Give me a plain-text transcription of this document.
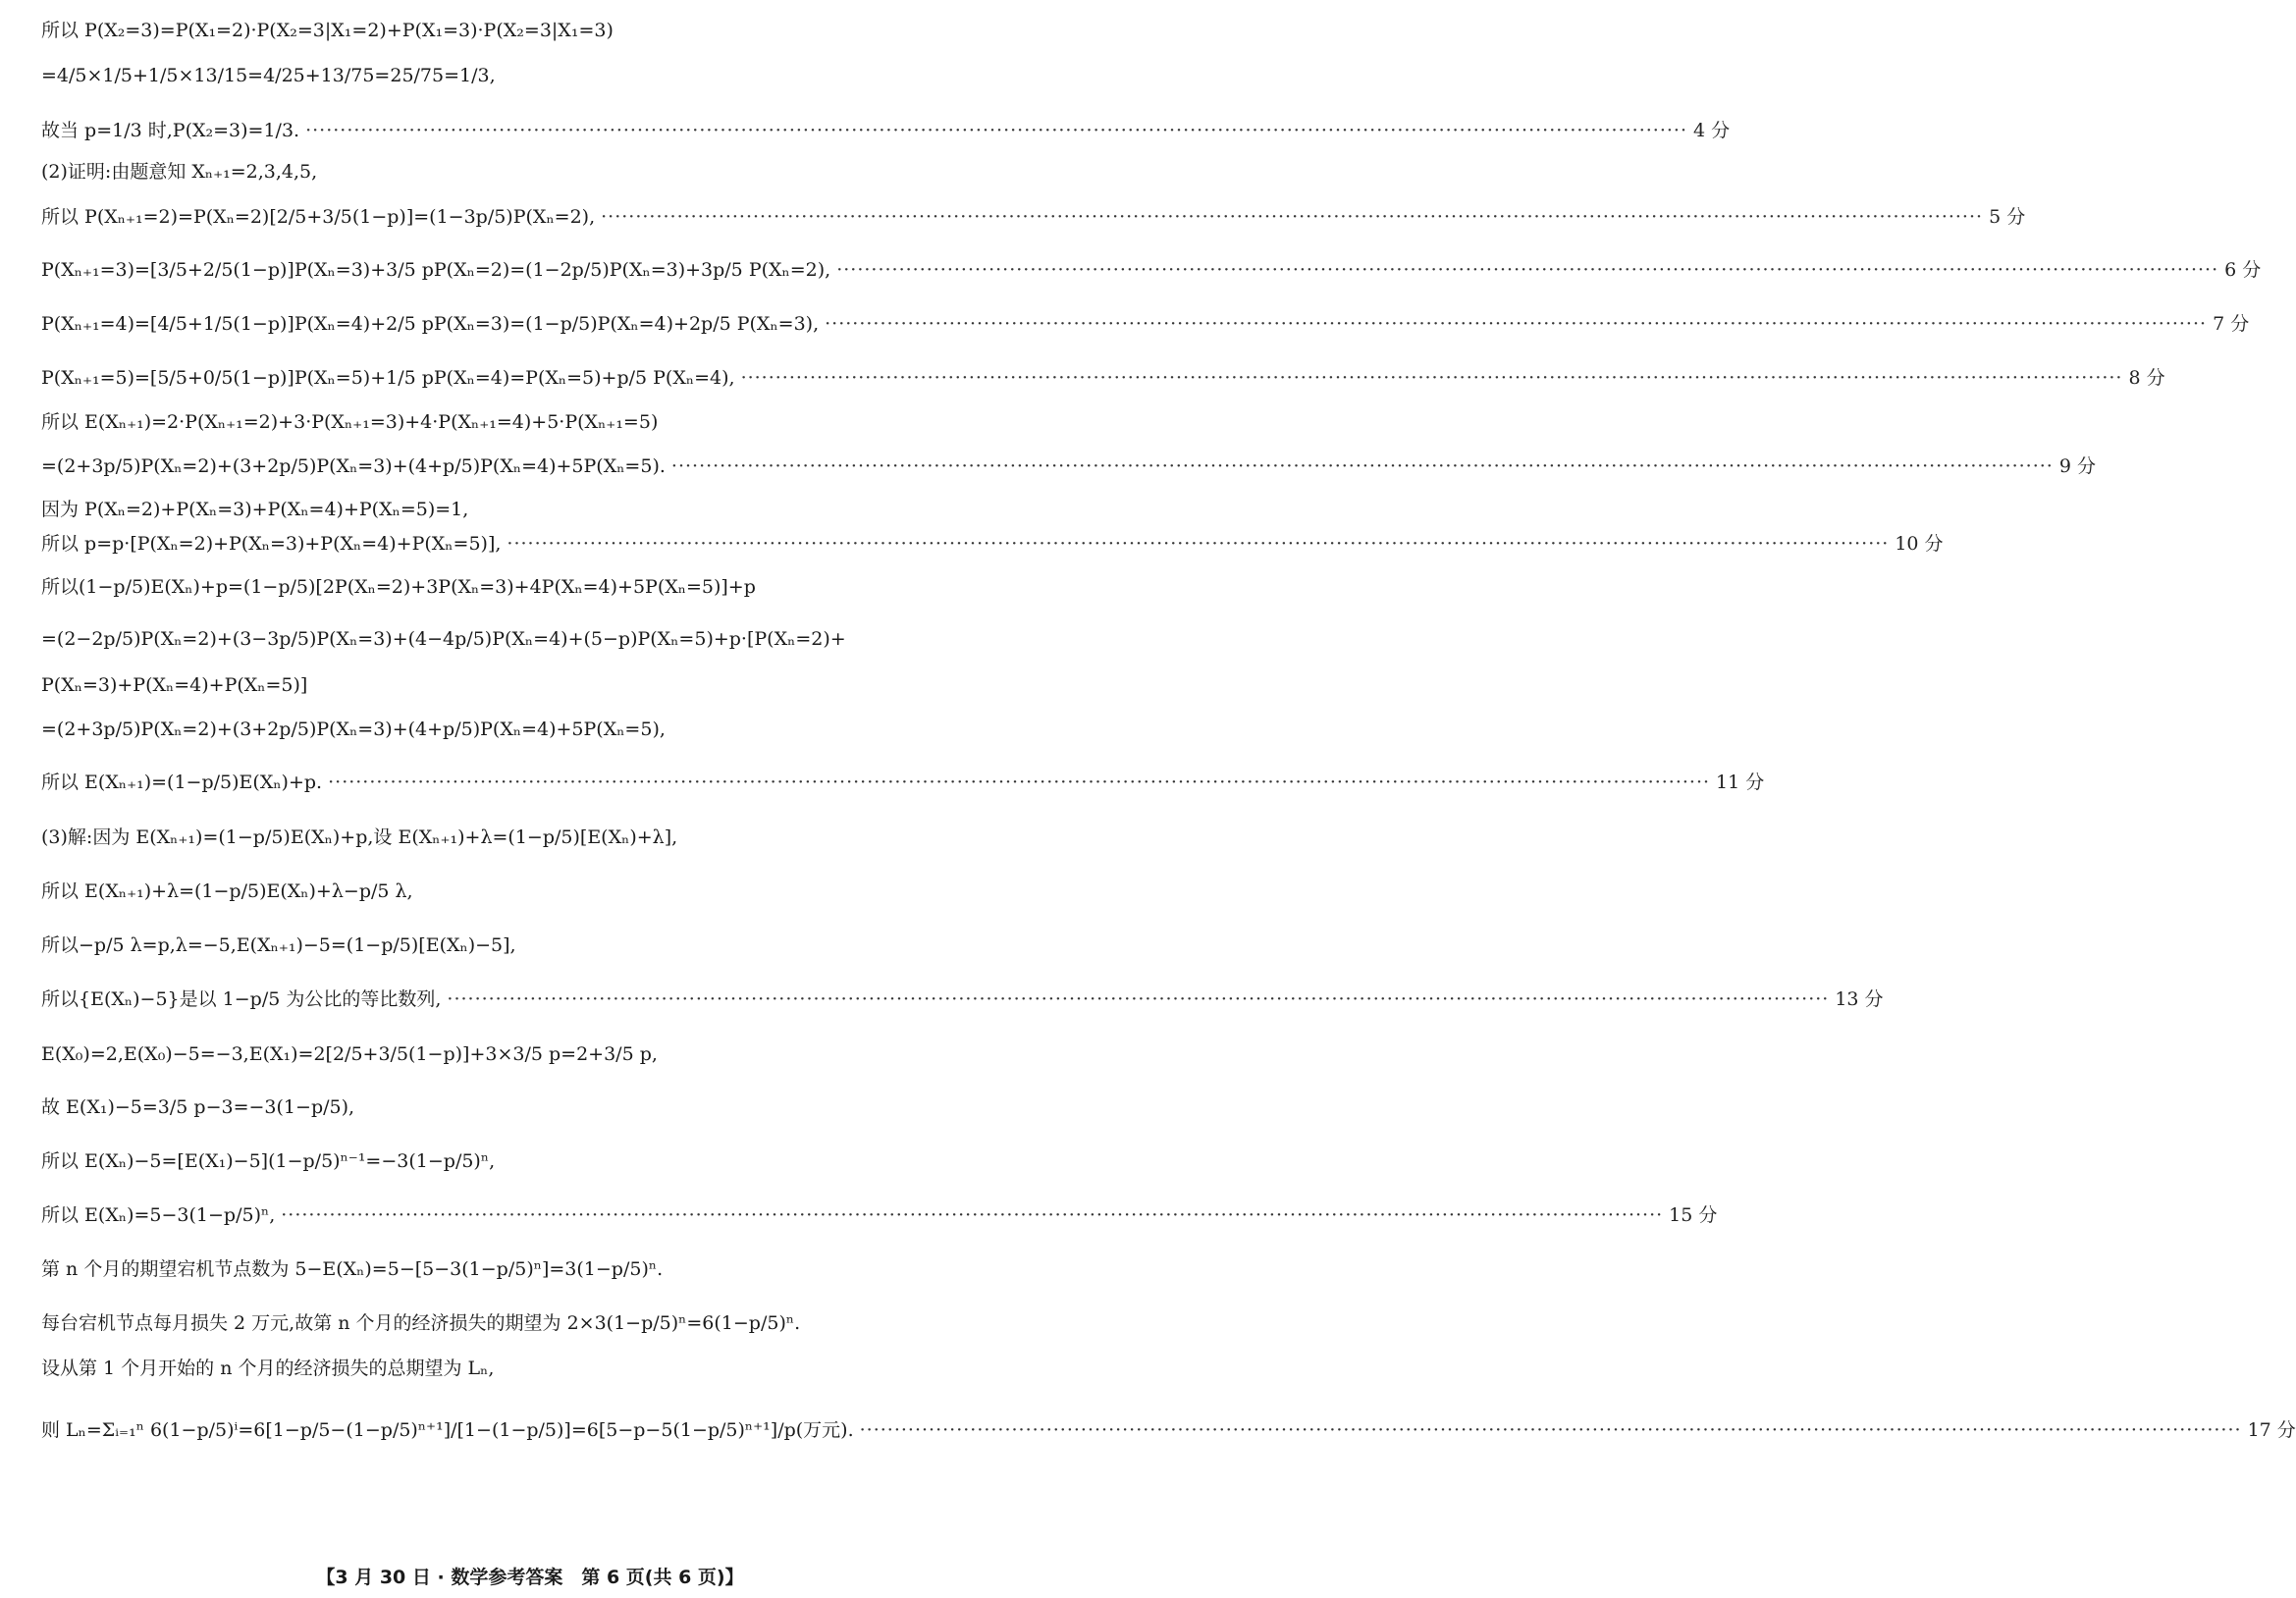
所以 P(X₂=3)=P(X₁=2)·P(X₂=3|X₁=2)+P(X₁=3)·P(X₂=3|X₁=3)
=4/5×1/5+1/5×13/15=4/25+13/75=25/75=1/3,
故当 p=1/3 时,P(X₂=3)=1/3. ········································································································································································································ 4 分
(2)证明:由题意知 Xₙ₊₁=2,3,4,5,
所以 P(Xₙ₊₁=2)=P(Xₙ=2)[2/5+3/5(1−p)]=(1−3p/5)P(Xₙ=2), ········································································································································································································ 5 分
P(Xₙ₊₁=3)=[3/5+2/5(1−p)]P(Xₙ=3)+3/5 pP(Xₙ=2)=(1−2p/5)P(Xₙ=3)+3p/5 P(Xₙ=2), ········································································································································································································ 6 分
P(Xₙ₊₁=4)=[4/5+1/5(1−p)]P(Xₙ=4)+2/5 pP(Xₙ=3)=(1−p/5)P(Xₙ=4)+2p/5 P(Xₙ=3), ········································································································································································································ 7 分
P(Xₙ₊₁=5)=[5/5+0/5(1−p)]P(Xₙ=5)+1/5 pP(Xₙ=4)=P(Xₙ=5)+p/5 P(Xₙ=4), ········································································································································································································ 8 分
所以 E(Xₙ₊₁)=2·P(Xₙ₊₁=2)+3·P(Xₙ₊₁=3)+4·P(Xₙ₊₁=4)+5·P(Xₙ₊₁=5)
=(2+3p/5)P(Xₙ=2)+(3+2p/5)P(Xₙ=3)+(4+p/5)P(Xₙ=4)+5P(Xₙ=5). ········································································································································································································ 9 分
因为 P(Xₙ=2)+P(Xₙ=3)+P(Xₙ=4)+P(Xₙ=5)=1,
所以 p=p·[P(Xₙ=2)+P(Xₙ=3)+P(Xₙ=4)+P(Xₙ=5)], ········································································································································································································ 10 分
所以(1−p/5)E(Xₙ)+p=(1−p/5)[2P(Xₙ=2)+3P(Xₙ=3)+4P(Xₙ=4)+5P(Xₙ=5)]+p
=(2−2p/5)P(Xₙ=2)+(3−3p/5)P(Xₙ=3)+(4−4p/5)P(Xₙ=4)+(5−p)P(Xₙ=5)+p·[P(Xₙ=2)+
P(Xₙ=3)+P(Xₙ=4)+P(Xₙ=5)]
=(2+3p/5)P(Xₙ=2)+(3+2p/5)P(Xₙ=3)+(4+p/5)P(Xₙ=4)+5P(Xₙ=5),
所以 E(Xₙ₊₁)=(1−p/5)E(Xₙ)+p. ········································································································································································································ 11 分
(3)解:因为 E(Xₙ₊₁)=(1−p/5)E(Xₙ)+p,设 E(Xₙ₊₁)+λ=(1−p/5)[E(Xₙ)+λ],
所以 E(Xₙ₊₁)+λ=(1−p/5)E(Xₙ)+λ−p/5 λ,
所以−p/5 λ=p,λ=−5,E(Xₙ₊₁)−5=(1−p/5)[E(Xₙ)−5],
所以{E(Xₙ)−5}是以 1−p/5 为公比的等比数列, ········································································································································································································ 13 分
E(X₀)=2,E(X₀)−5=−3,E(X₁)=2[2/5+3/5(1−p)]+3×3/5 p=2+3/5 p,
故 E(X₁)−5=3/5 p−3=−3(1−p/5),
所以 E(Xₙ)−5=[E(X₁)−5](1−p/5)ⁿ⁻¹=−3(1−p/5)ⁿ,
所以 E(Xₙ)=5−3(1−p/5)ⁿ, ········································································································································································································ 15 分
第 n 个月的期望宕机节点数为 5−E(Xₙ)=5−[5−3(1−p/5)ⁿ]=3(1−p/5)ⁿ.
每台宕机节点每月损失 2 万元,故第 n 个月的经济损失的期望为 2×3(1−p/5)ⁿ=6(1−p/5)ⁿ.
设从第 1 个月开始的 n 个月的经济损失的总期望为 Lₙ,
则 Lₙ=Σᵢ₌₁ⁿ 6(1−p/5)ⁱ=6[1−p/5−(1−p/5)ⁿ⁺¹]/[1−(1−p/5)]=6[5−p−5(1−p/5)ⁿ⁺¹]/p(万元). ········································································································································································································ 17 分
【3 月 30 日 · 数学参考答案　第 6 页(共 6 页)】
